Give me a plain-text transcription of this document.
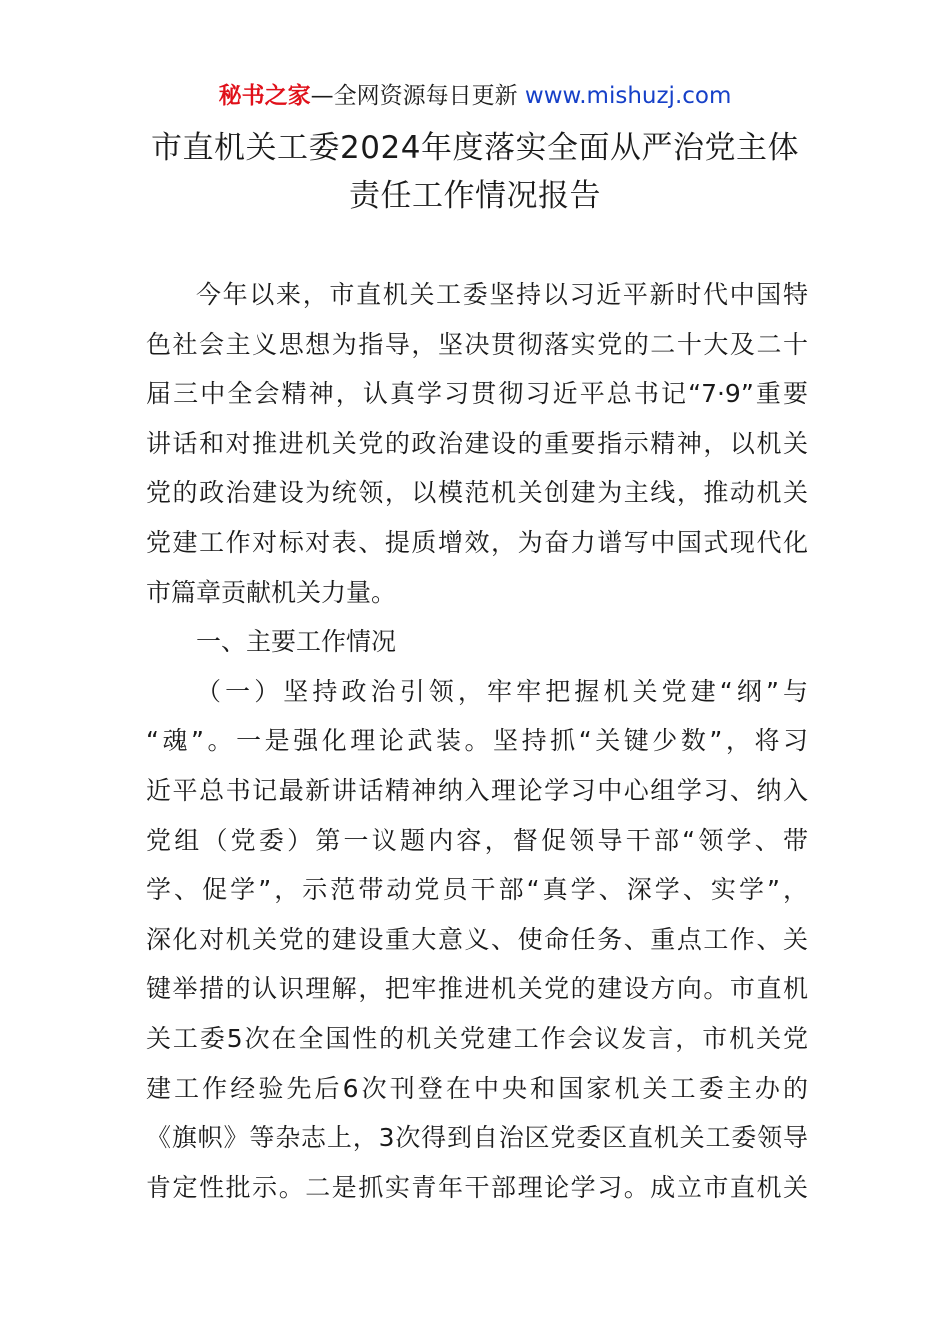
秘书之家—全网资源每日更新 www.mishuzj.com
市直机关工委2024年度落实全面从严治党主体
责任工作情况报告
今年以来，市直机关工委坚持以习近平新时代中国特
色社会主义思想为指导，坚决贯彻落实党的二十大及二十
届三中全会精神，认真学习贯彻习近平总书记“7·9”重要
讲话和对推进机关党的政治建设的重要指示精神，以机关
党的政治建设为统领，以模范机关创建为主线，推动机关
党建工作对标对表、提质增效，为奋力谱写中国式现代化
市篇章贡献机关力量。
一、主要工作情况
（一）坚持政治引领，牢牢把握机关党建“纲”与
“魂”。一是强化理论武装。坚持抓“关键少数”，将习
近平总书记最新讲话精神纳入理论学习中心组学习、纳入
党组（党委）第一议题内容，督促领导干部“领学、带
学、促学”，示范带动党员干部“真学、深学、实学”，
深化对机关党的建设重大意义、使命任务、重点工作、关
键举措的认识理解，把牢推进机关党的建设方向。市直机
关工委5次在全国性的机关党建工作会议发言，市机关党
建工作经验先后6次刊登在中央和国家机关工委主办的
《旗帜》等杂志上，3次得到自治区党委区直机关工委领导
肯定性批示。二是抓实青年干部理论学习。成立市直机关
